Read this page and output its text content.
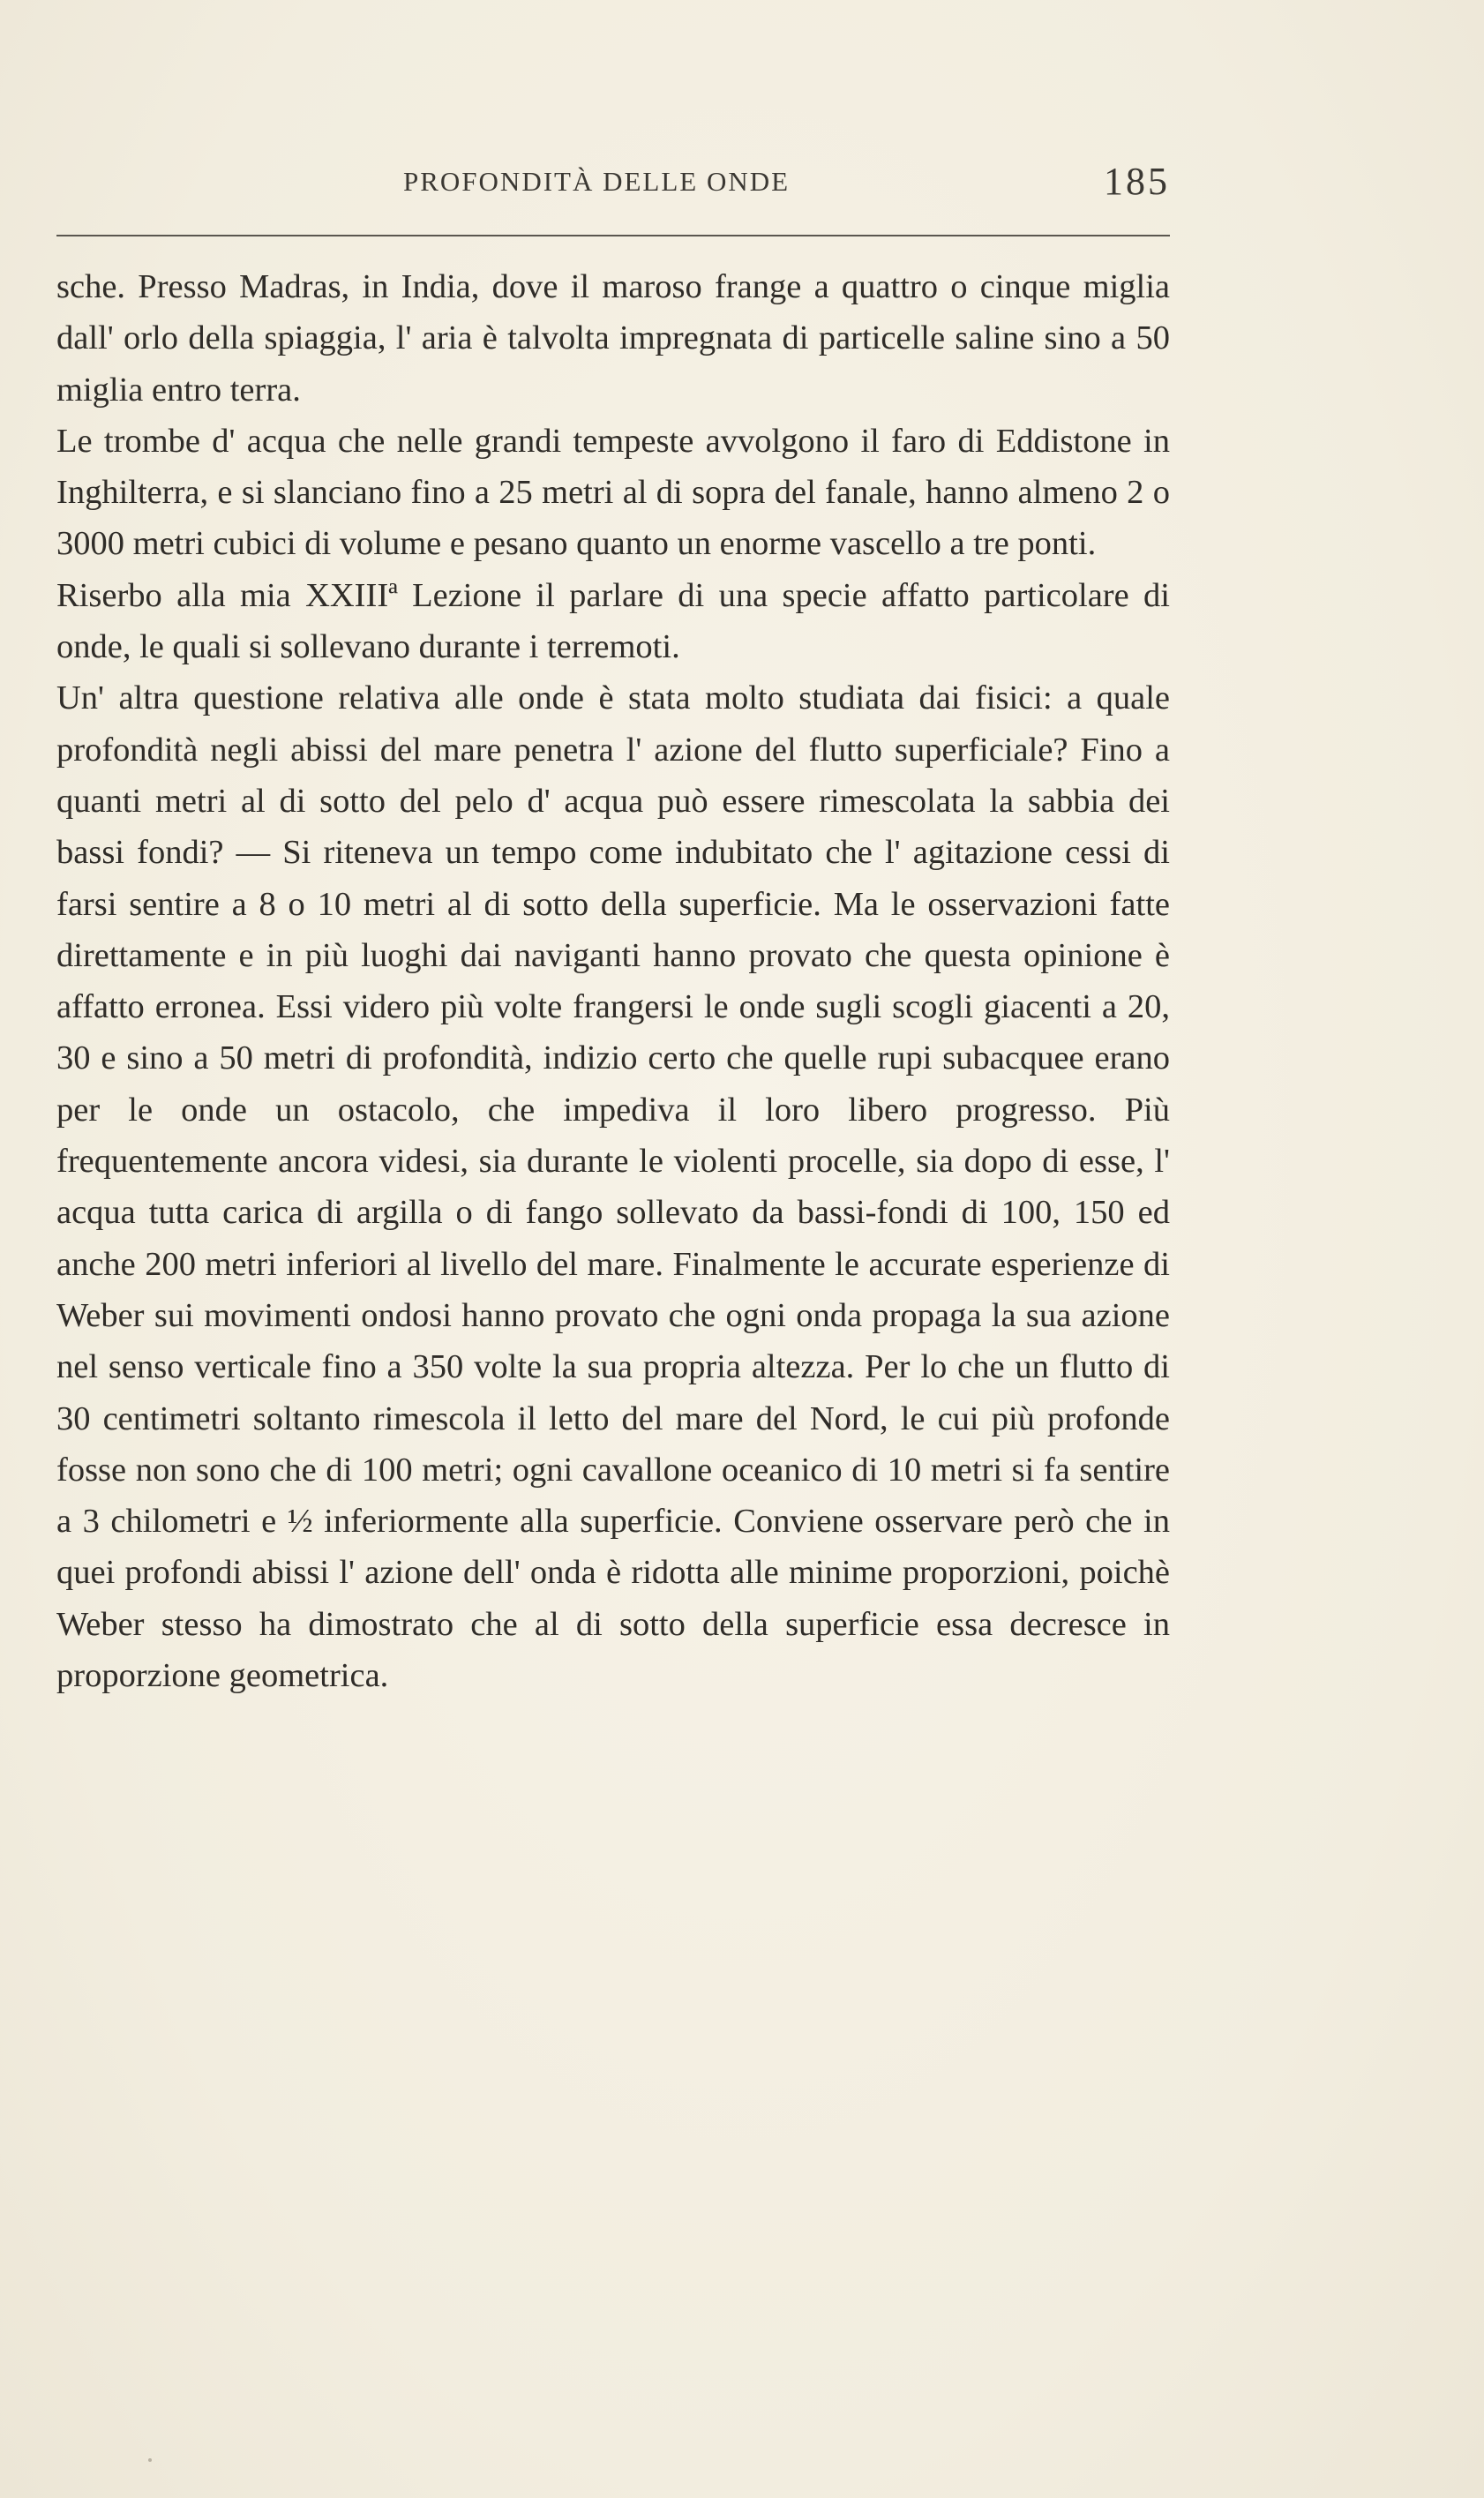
PROFONDITÀ DELLE ONDE	185

sche. Presso Madras, in India, dove il maroso frange a quattro o cinque miglia dall' orlo della spiaggia, l' aria è talvolta impregnata di particelle saline sino a 50 miglia entro terra.

Le trombe d' acqua che nelle grandi tempeste avvolgono il faro di Eddistone in Inghilterra, e si slanciano fino a 25 metri al di sopra del fanale, hanno almeno 2 o 3000 metri cubici di volume e pesano quanto un enorme vascello a tre ponti.

Riserbo alla mia XXIIIª Lezione il parlare di una specie affatto particolare di onde, le quali si sollevano durante i terremoti.

Un' altra questione relativa alle onde è stata molto studiata dai fisici: a quale profondità negli abissi del mare penetra l' azione del flutto superficiale? Fino a quanti metri al di sotto del pelo d' acqua può essere rimescolata la sabbia dei bassi fondi? — Si riteneva un tempo come indubitato che l' agitazione cessi di farsi sentire a 8 o 10 metri al di sotto della superficie. Ma le osservazioni fatte direttamente e in più luoghi dai naviganti hanno provato che questa opinione è affatto erronea. Essi videro più volte frangersi le onde sugli scogli giacenti a 20, 30 e sino a 50 metri di profondità, indizio certo che quelle rupi subacquee erano per le onde un ostacolo, che impediva il loro libero progresso. Più frequentemente ancora videsi, sia durante le violenti procelle, sia dopo di esse, l' acqua tutta carica di argilla o di fango sollevato da bassi-fondi di 100, 150 ed anche 200 metri inferiori al livello del mare. Finalmente le accurate esperienze di Weber sui movimenti ondosi hanno provato che ogni onda propaga la sua azione nel senso verticale fino a 350 volte la sua propria altezza. Per lo che un flutto di 30 centimetri soltanto rimescola il letto del mare del Nord, le cui più profonde fosse non sono che di 100 metri; ogni cavallone oceanico di 10 metri si fa sentire a 3 chilometri e ½ inferiormente alla superficie. Conviene osservare però che in quei profondi abissi l' azione dell' onda è ridotta alle minime proporzioni, poichè Weber stesso ha dimostrato che al di sotto della superficie essa decresce in proporzione geometrica.
